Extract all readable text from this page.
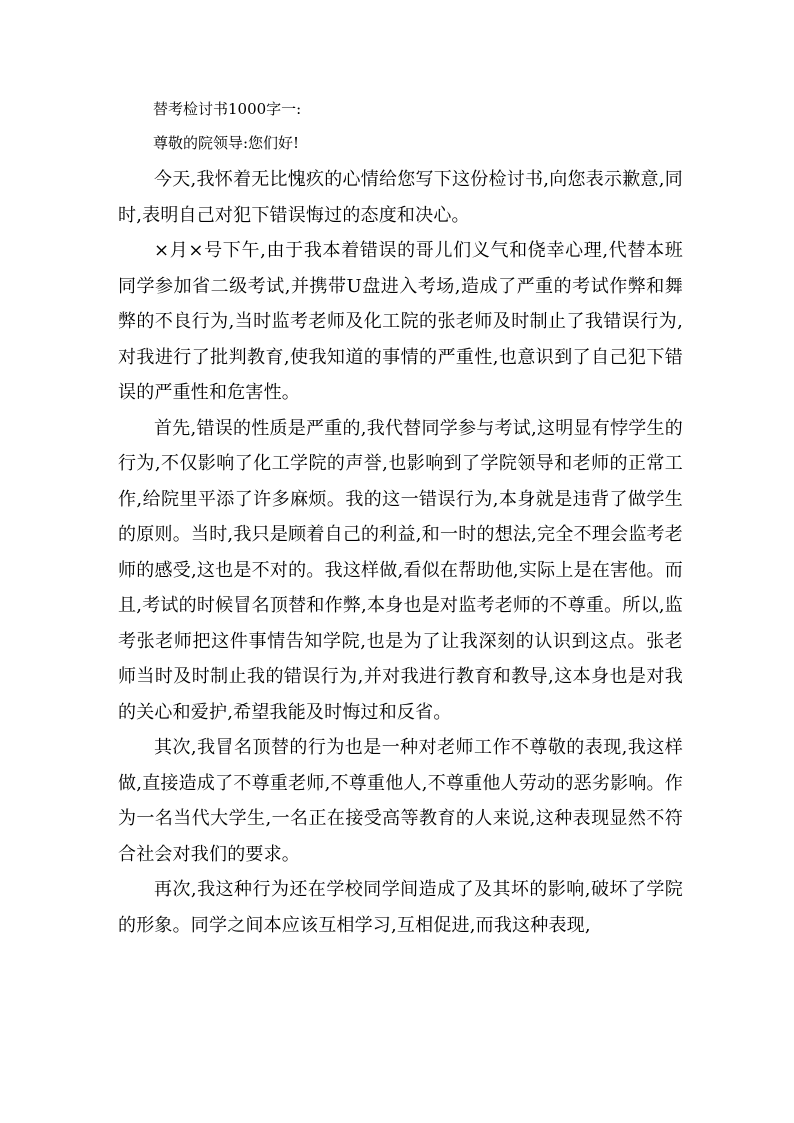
替考检讨书1000字一:

尊敬的院领导:您们好!

今天,我怀着无比愧疚的心情给您写下这份检讨书,向您表示歉意,同时,表明自己对犯下错误悔过的态度和决心。

×月×号下午,由于我本着错误的哥儿们义气和侥幸心理,代替本班同学参加省二级考试,并携带U盘进入考场,造成了严重的考试作弊和舞弊的不良行为,当时监考老师及化工院的张老师及时制止了我错误行为,对我进行了批判教育,使我知道的事情的严重性,也意识到了自己犯下错误的严重性和危害性。

首先,错误的性质是严重的,我代替同学参与考试,这明显有悖学生的行为,不仅影响了化工学院的声誉,也影响到了学院领导和老师的正常工作,给院里平添了许多麻烦。我的这一错误行为,本身就是违背了做学生的原则。当时,我只是顾着自己的利益,和一时的想法,完全不理会监考老师的感受,这也是不对的。我这样做,看似在帮助他,实际上是在害他。而且,考试的时候冒名顶替和作弊,本身也是对监考老师的不尊重。所以,监考张老师把这件事情告知学院,也是为了让我深刻的认识到这点。张老师当时及时制止我的错误行为,并对我进行教育和教导,这本身也是对我的关心和爱护,希望我能及时悔过和反省。

其次,我冒名顶替的行为也是一种对老师工作不尊敬的表现,我这样做,直接造成了不尊重老师,不尊重他人,不尊重他人劳动的恶劣影响。作为一名当代大学生,一名正在接受高等教育的人来说,这种表现显然不符合社会对我们的要求。

再次,我这种行为还在学校同学间造成了及其坏的影响,破坏了学院的形象。同学之间本应该互相学习,互相促进,而我这种表现,
